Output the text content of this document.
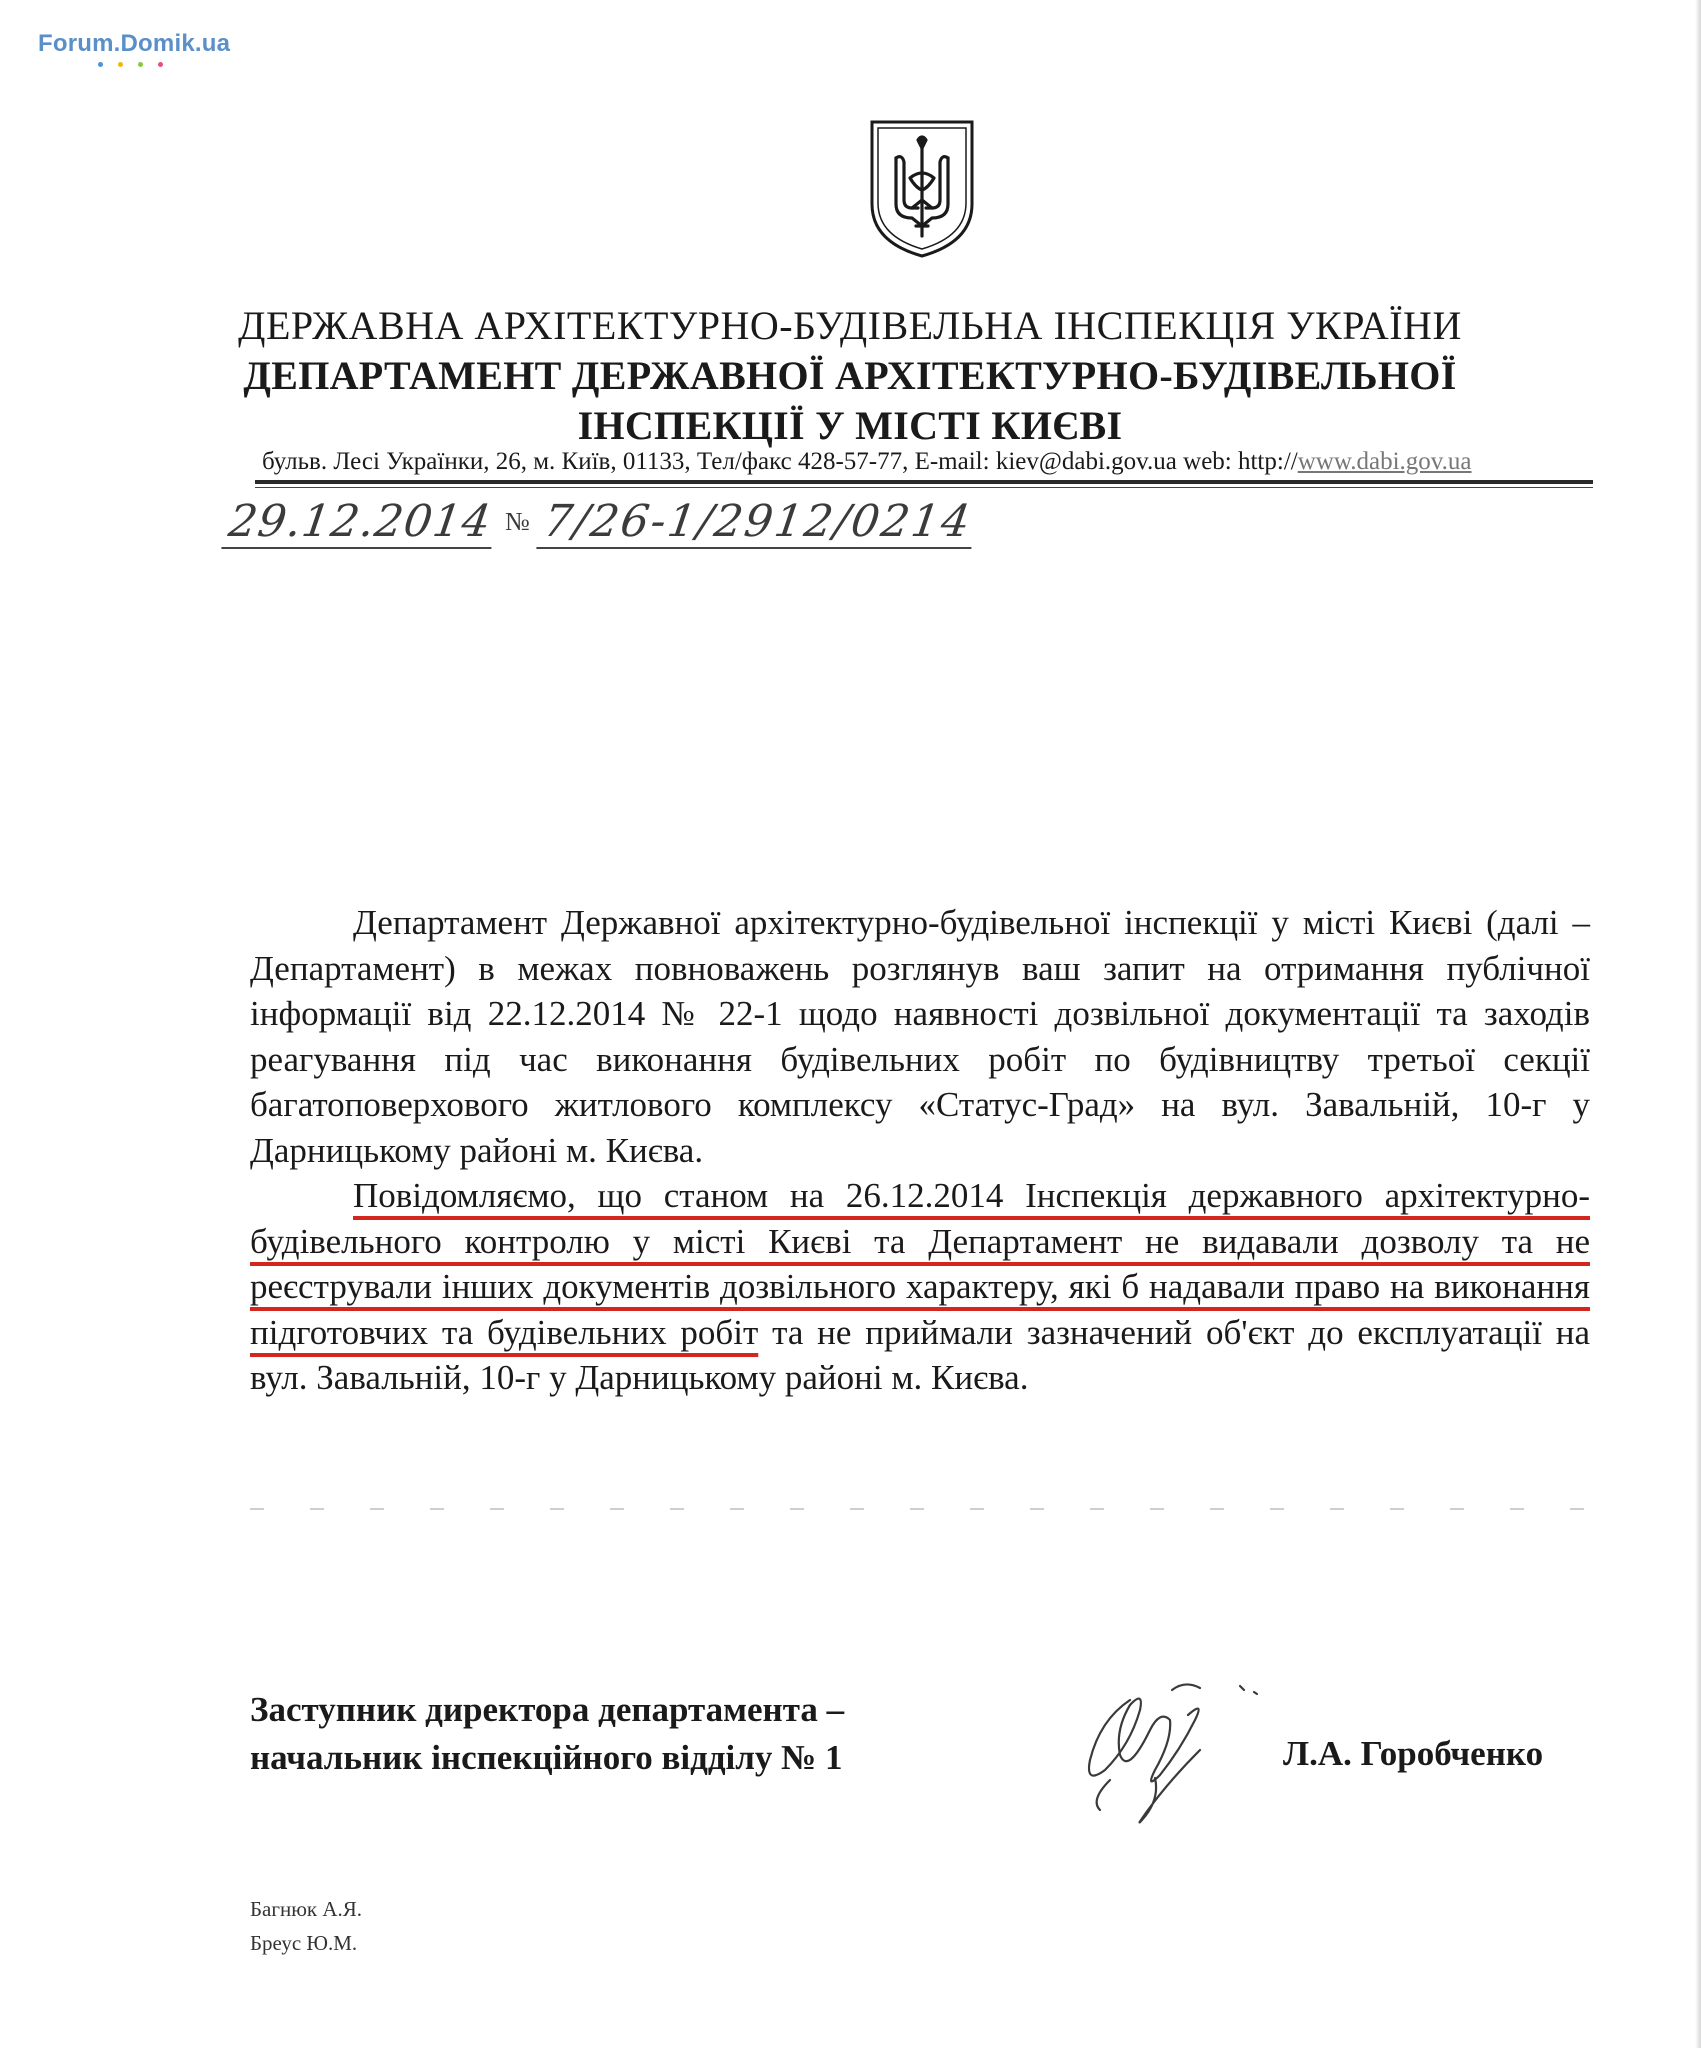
Forum.Domik.ua
ДЕРЖАВНА АРХІТЕКТУРНО-БУДІВЕЛЬНА ІНСПЕКЦІЯ УКРАЇНИ
ДЕПАРТАМЕНТ ДЕРЖАВНОЇ АРХІТЕКТУРНО-БУДІВЕЛЬНОЇ
ІНСПЕКЦІЇ У МІСТІ КИЄВІ
бульв. Лесі Українки, 26, м. Київ, 01133, Тел/факс 428-57-77, E-mail: kiev@dabi.gov.ua web: http://www.dabi.gov.ua
29.12.2014 № 7/26-1/2912/0214

Департамент Державної архітектурно-будівельної інспекції у місті Києві (далі – Департамент) в межах повноважень розглянув ваш запит на отримання публічної інформації від 22.12.2014 № 22-1 щодо наявності дозвільної документації та заходів реагування під час виконання будівельних робіт по будівництву третьої секції багатоповерхового житлового комплексу «Статус-Град» на вул. Завальній, 10-г у Дарницькому районі м. Києва.

Повідомляємо, що станом на 26.12.2014 Інспекція державного архітектурно-будівельного контролю у місті Києві та Департамент не видавали дозволу та не реєстрували інших документів дозвільного характеру, які б надавали право на виконання підготовчих та будівельних робіт та не приймали зазначений об'єкт до експлуатації на вул. Завальній, 10-г у Дарницькому районі м. Києва.

Заступник директора департамента –
начальник інспекційного відділу № 1	Л.А. Горобченко
Багнюк А.Я.
Бреус Ю.М.
